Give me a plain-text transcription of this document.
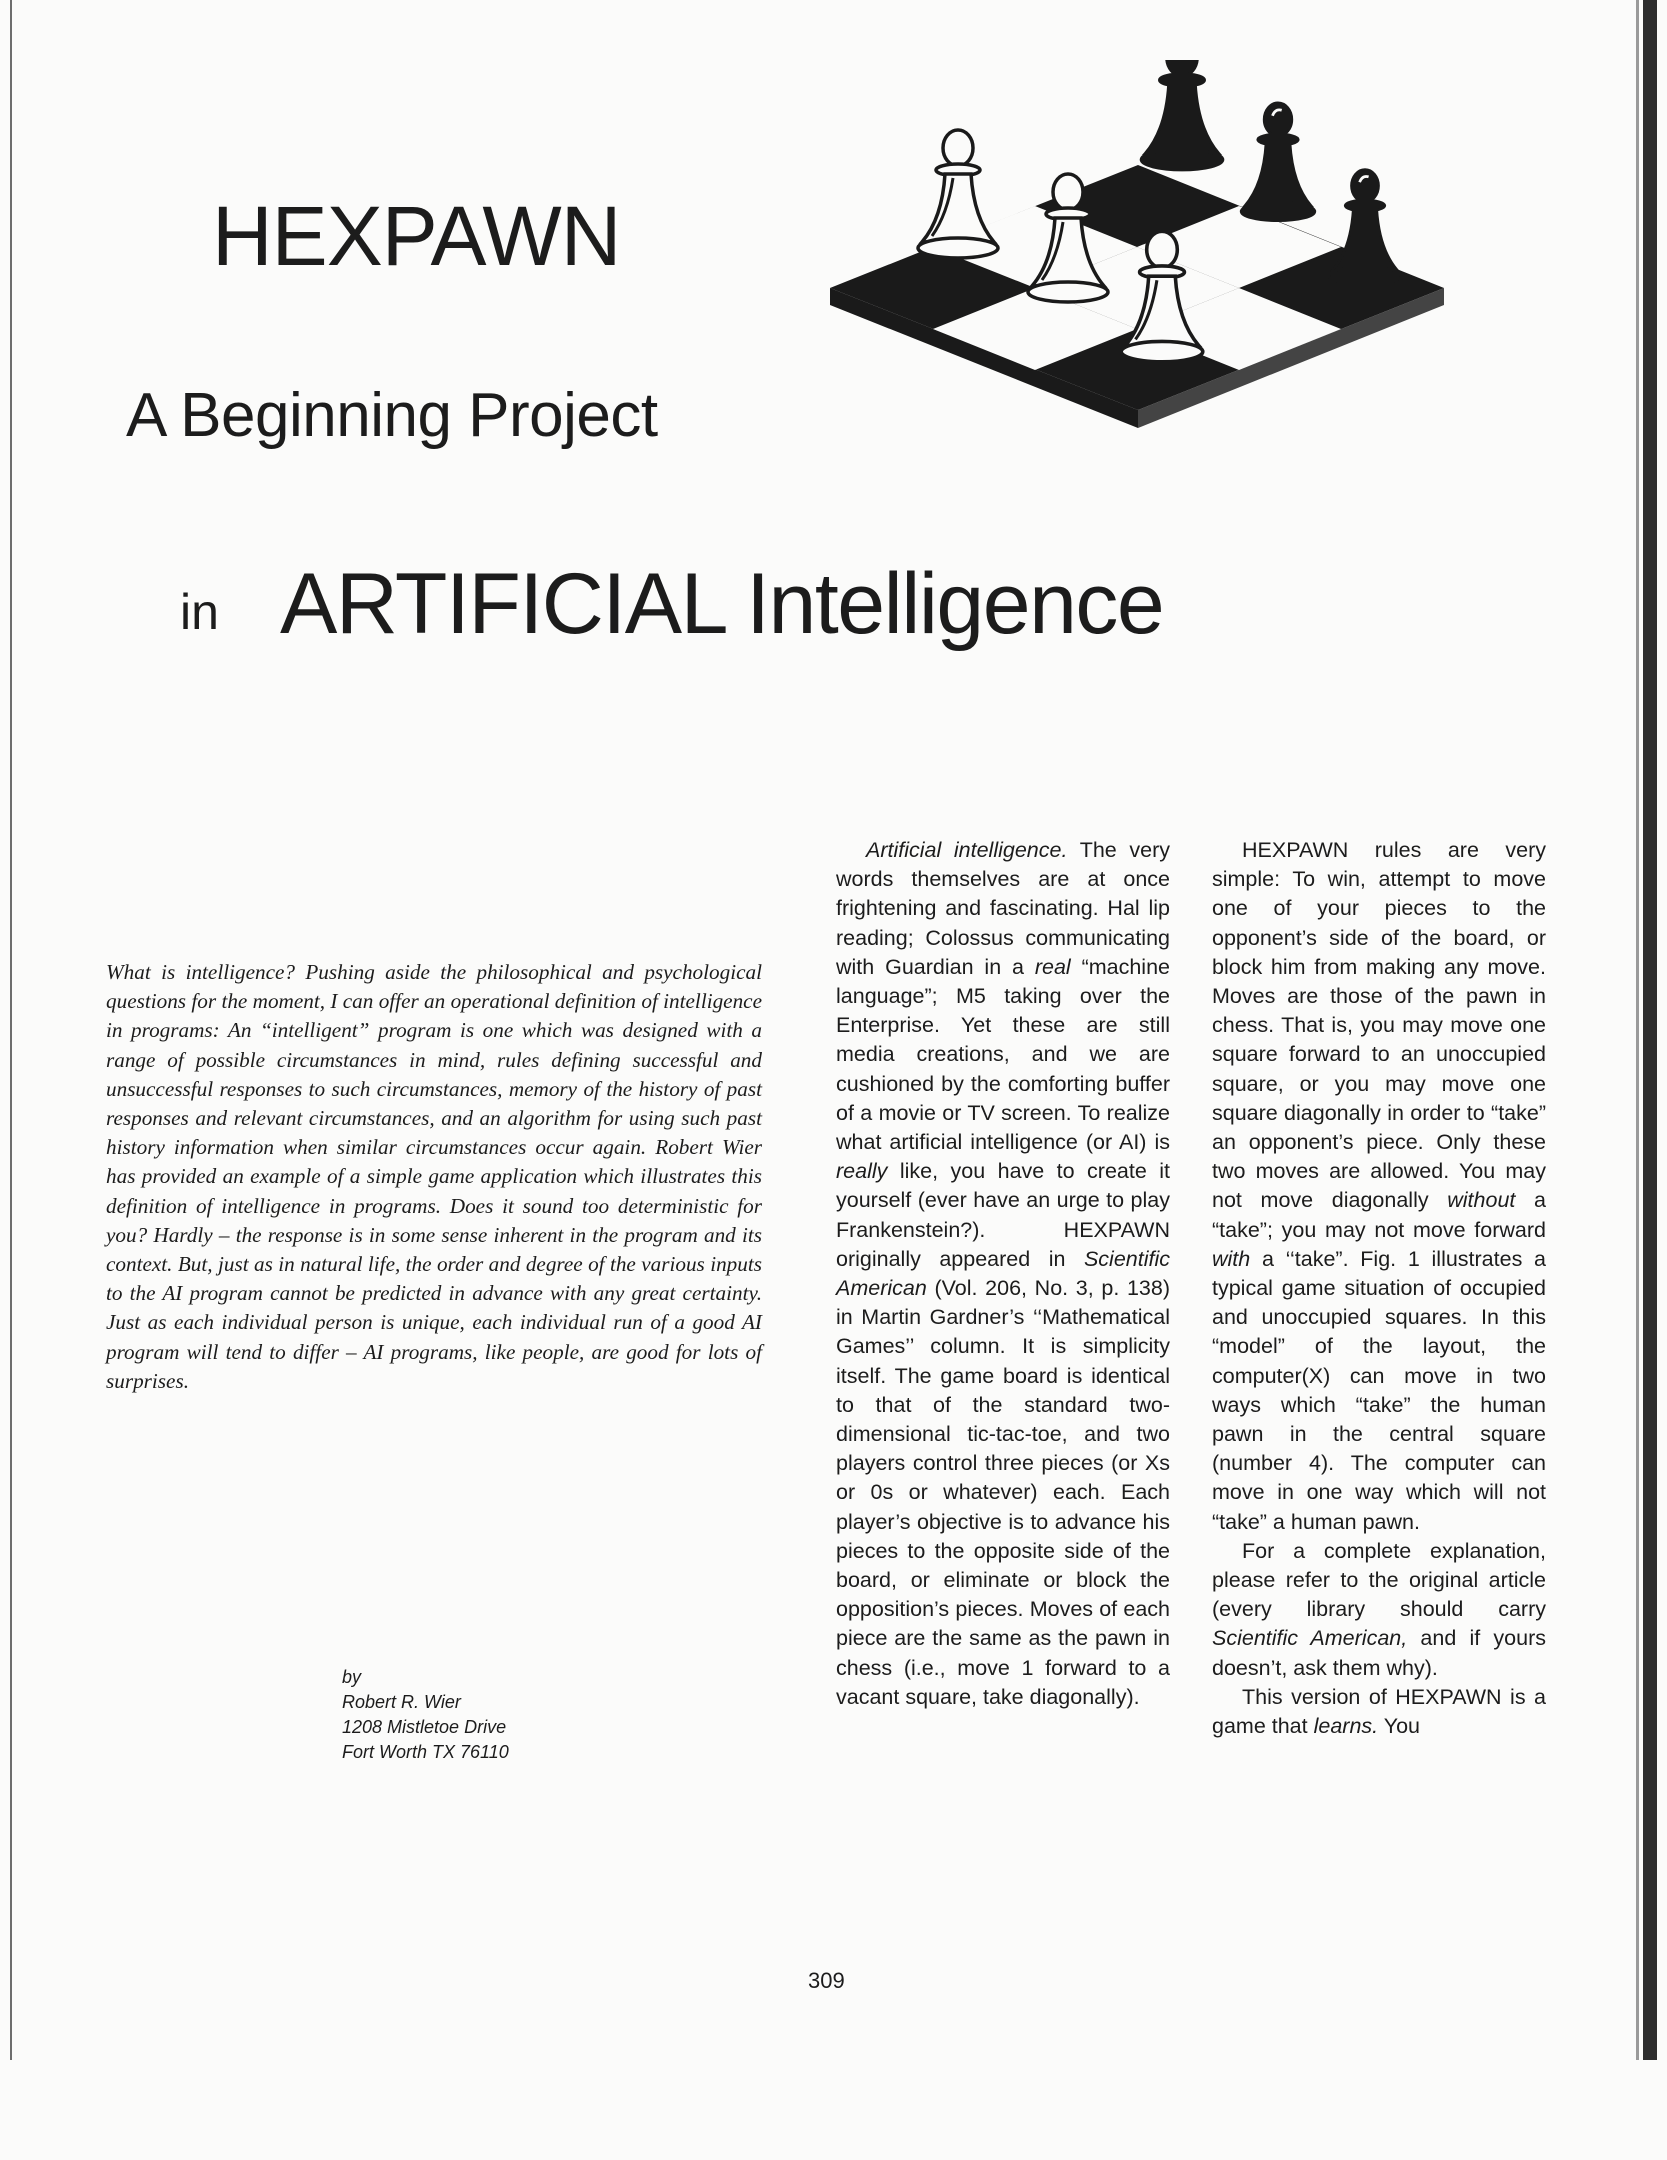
HEXPAWN
A Beginning Project
in ARTIFICIAL Intelligence

What is intelligence? Pushing aside the philosophical and psychological questions for the moment, I can offer an operational definition of intelligence in programs: An “intelligent” program is one which was designed with a range of possible circumstances in mind, rules defining successful and unsuccessful responses to such circumstances, memory of the history of past responses and relevant circumstances, and an algorithm for using such past history information when similar circumstances occur again. Robert Wier has provided an example of a simple game application which illustrates this definition of intelligence in programs. Does it sound too deterministic for you? Hardly – the response is in some sense inherent in the program and its context. But, just as in natural life, the order and degree of the various inputs to the AI program cannot be predicted in advance with any great certainty. Just as each individual person is unique, each individual run of a good AI program will tend to differ – AI programs, like people, are good for lots of surprises.

by
Robert R. Wier
1208 Mistletoe Drive
Fort Worth TX 76110

Artificial intelligence. The very words themselves are at once frightening and fascinating. Hal lip reading; Colossus communicating with Guardian in a real “machine language”; M5 taking over the Enterprise. Yet these are still media creations, and we are cushioned by the comforting buffer of a movie or TV screen. To realize what artificial intelligence (or AI) is really like, you have to create it yourself (ever have an urge to play Frankenstein?). HEXPAWN originally appeared in Scientific American (Vol. 206, No. 3, p. 138) in Martin Gardner’s ‘‘Mathematical Games’’ column. It is simplicity itself. The game board is identical to that of the standard two-dimensional tic-tac-toe, and two players control three pieces (or Xs or 0s or whatever) each. Each player’s objective is to advance his pieces to the opposite side of the board, or eliminate or block the opposition’s pieces. Moves of each piece are the same as the pawn in chess (i.e., move 1 forward to a vacant square, take diagonally).

HEXPAWN rules are very simple: To win, attempt to move one of your pieces to the opponent’s side of the board, or block him from making any move. Moves are those of the pawn in chess. That is, you may move one square forward to an unoccupied square, or you may move one square diagonally in order to “take” an opponent’s piece. Only these two moves are allowed. You may not move diagonally without a “take”; you may not move forward with a ‘‘take”. Fig. 1 illustrates a typical game situation of occupied and unoccupied squares. In this “model” of the layout, the computer(X) can move in two ways which “take” the human pawn in the central square (number 4). The computer can move in one way which will not “take” a human pawn.

For a complete explanation, please refer to the original article (every library should carry Scientific American, and if yours doesn’t, ask them why).

This version of HEXPAWN is a game that learns. You

309
